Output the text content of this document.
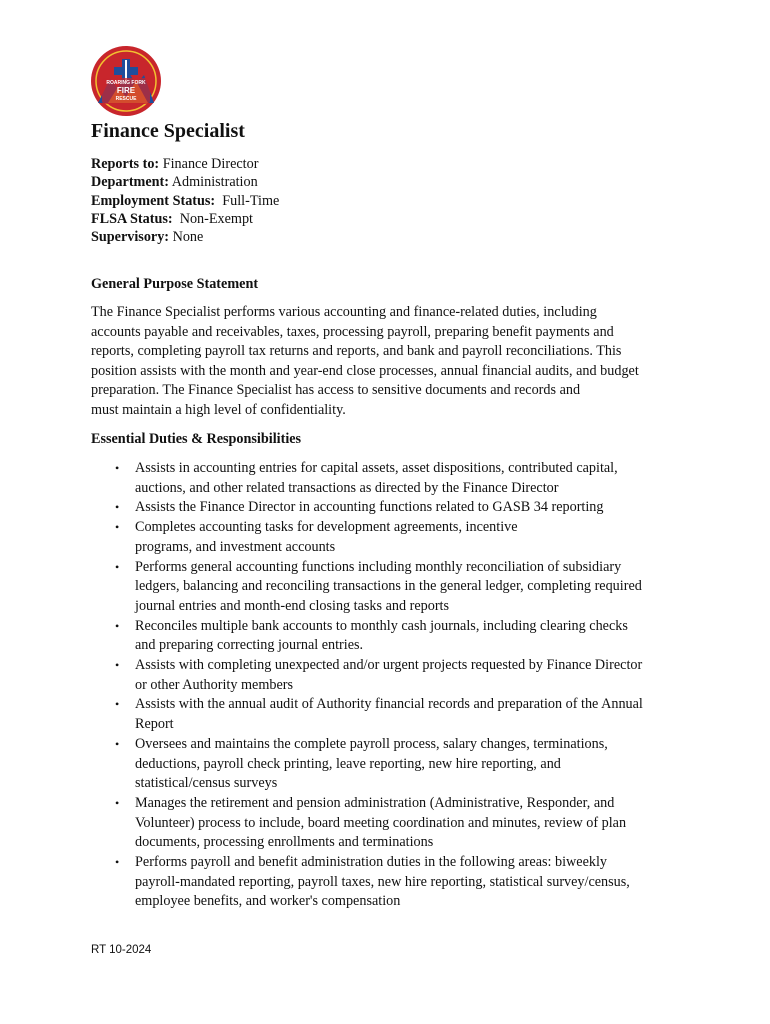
ROARING FORK
FIRE
RESCUE
Finance Specialist
Reports to: Finance Director
Department: Administration
Employment Status: Full-Time
FLSA Status: Non-Exempt
Supervisory: None
General Purpose Statement
The Finance Specialist performs various accounting and finance-related duties, including
accounts payable and receivables, taxes, processing payroll, preparing benefit payments and
reports, completing payroll tax returns and reports, and bank and payroll reconciliations. This
position assists with the month and year-end close processes, annual financial audits, and budget
preparation. The Finance Specialist has access to sensitive documents and records and
must maintain a high level of confidentiality.
Essential Duties & Responsibilities
• Assists in accounting entries for capital assets, asset dispositions, contributed capital,
auctions, and other related transactions as directed by the Finance Director
• Assists the Finance Director in accounting functions related to GASB 34 reporting
• Completes accounting tasks for development agreements, incentive
programs, and investment accounts
• Performs general accounting functions including monthly reconciliation of subsidiary
ledgers, balancing and reconciling transactions in the general ledger, completing required
journal entries and month-end closing tasks and reports
• Reconciles multiple bank accounts to monthly cash journals, including clearing checks
and preparing correcting journal entries.
• Assists with completing unexpected and/or urgent projects requested by Finance Director
or other Authority members
• Assists with the annual audit of Authority financial records and preparation of the Annual
Report
• Oversees and maintains the complete payroll process, salary changes, terminations,
deductions, payroll check printing, leave reporting, new hire reporting, and
statistical/census surveys
• Manages the retirement and pension administration (Administrative, Responder, and
Volunteer) process to include, board meeting coordination and minutes, review of plan
documents, processing enrollments and terminations
• Performs payroll and benefit administration duties in the following areas: biweekly
payroll-mandated reporting, payroll taxes, new hire reporting, statistical survey/census,
employee benefits, and worker's compensation
RT 10-2024
